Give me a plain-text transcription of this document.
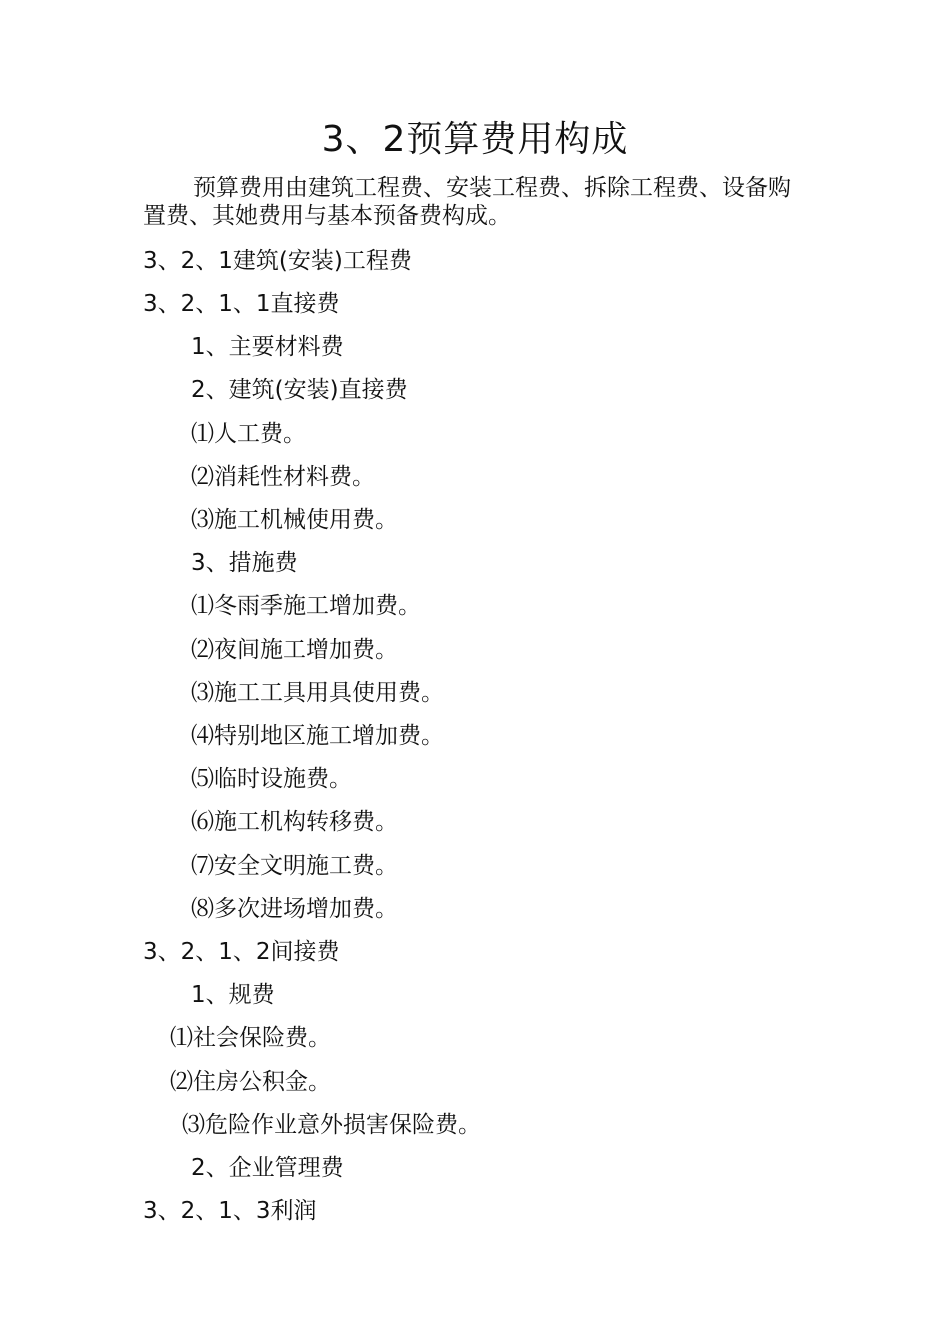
3、2预算费用构成

预算费用由建筑工程费、安装工程费、拆除工程费、设备购置费、其她费用与基本预备费构成。

3、2、1建筑(安装)工程费
3、2、1、1直接费
1、主要材料费
2、建筑(安装)直接费
⑴人工费。
⑵消耗性材料费。
⑶施工机械使用费。
3、措施费
⑴冬雨季施工增加费。
⑵夜间施工增加费。
⑶施工工具用具使用费。
⑷特别地区施工增加费。
⑸临时设施费。
⑹施工机构转移费。
⑺安全文明施工费。
⑻多次进场增加费。
3、2、1、2间接费
1、规费
⑴社会保险费。
⑵住房公积金。
⑶危险作业意外损害保险费。
2、企业管理费
3、2、1、3利润
